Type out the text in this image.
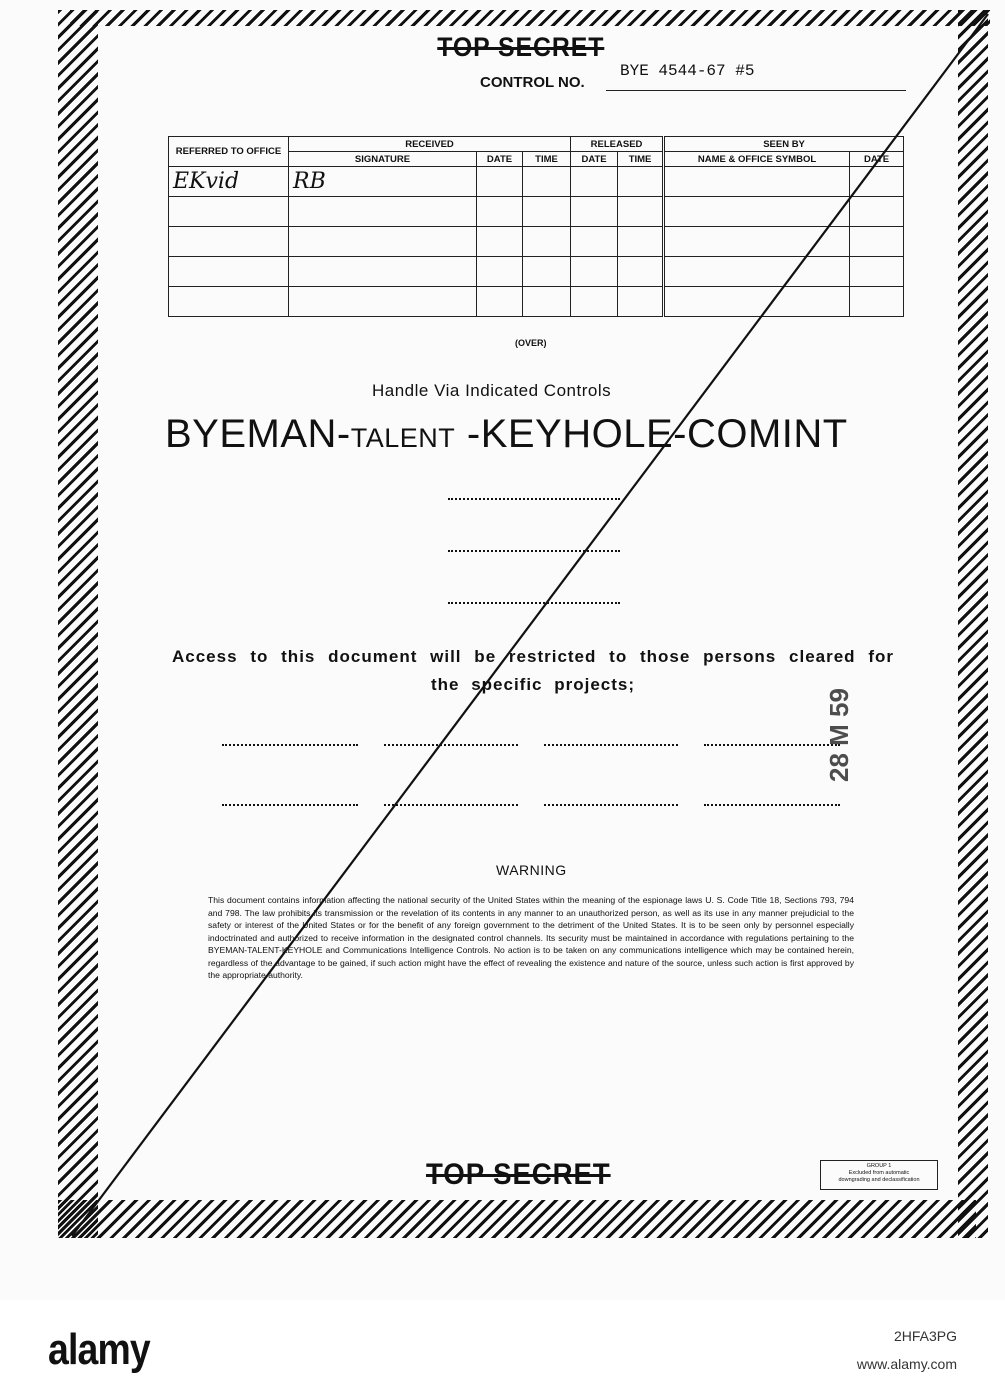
TOP SECRET
CONTROL NO.
BYE 4544-67 #5
REFERRED TO OFFICE	RECEIVED			RELEASED		SEEN BY	
	SIGNATURE	DATE	TIME	DATE	TIME	NAME & OFFICE SYMBOL	DATE
EKvid	RB						

(OVER)
Handle Via Indicated Controls
BYEMAN-TALENT -KEYHOLE-COMINT
Access to this document will be restricted to those persons cleared for the specific projects;
28 M 59
WARNING
This document contains information affecting the national security of the United States within the meaning of the espionage laws U. S. Code Title 18, Sections 793, 794 and 798. The law prohibits its transmission or the revelation of its contents in any manner to an unauthorized person, as well as its use in any manner prejudicial to the safety or interest of the United States or for the benefit of any foreign government to the detriment of the United States. It is to be seen only by personnel especially indoctrinated and authorized to receive information in the designated control channels. Its security must be maintained in accordance with regulations pertaining to the BYEMAN-TALENT-KEYHOLE and Communications Intelligence Controls. No action is to be taken on any communications intelligence which may be contained herein, regardless of the advantage to be gained, if such action might have the effect of revealing the existence and nature of the source, unless such action is first approved by the appropriate authority.
TOP SECRET	GROUP 1
Excluded from automatic
downgrading and declassification
alamy	2HFA3PG
www.alamy.com
